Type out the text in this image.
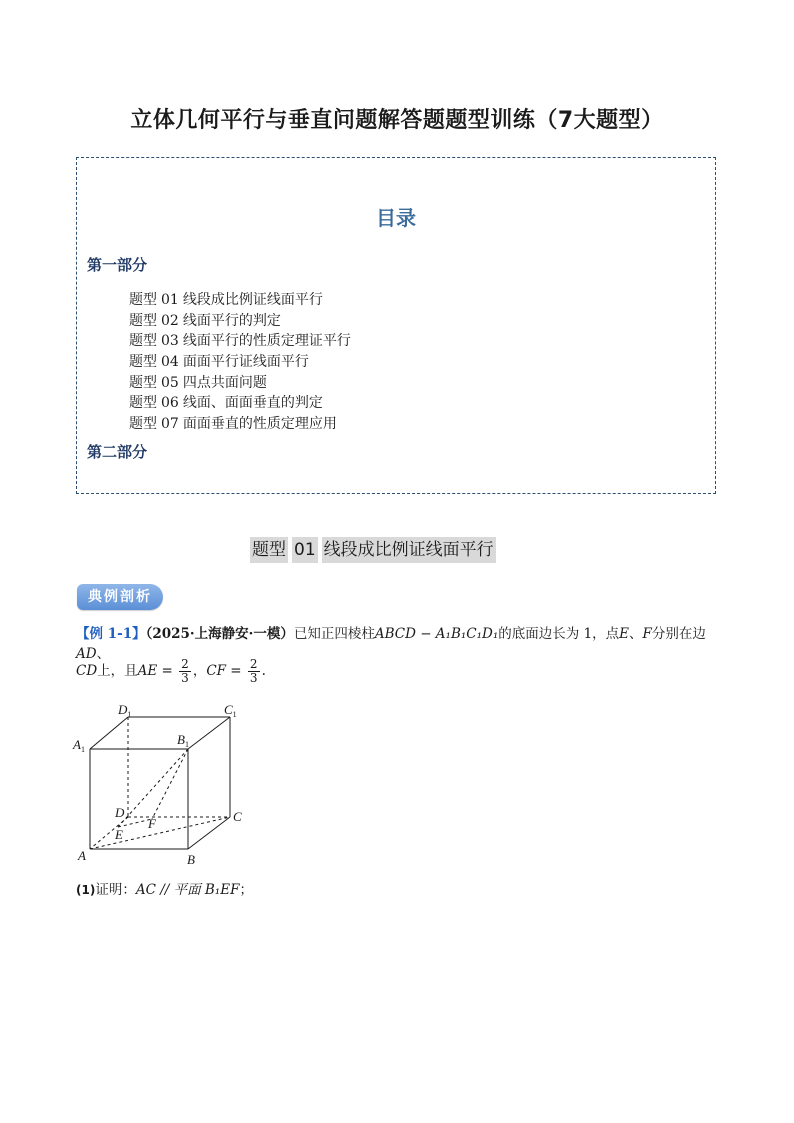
立体几何平行与垂直问题解答题题型训练（7大题型）
目录
第一部分
题型 01 线段成比例证线面平行
题型 02 线面平行的判定
题型 03 线面平行的性质定理证平行
题型 04 面面平行证线面平行
题型 05 四点共面问题
题型 06 线面、面面垂直的判定
题型 07 面面垂直的性质定理应用
第二部分
题型 01 线段成比例证线面平行
典例剖析
【例 1-1】（2025·上海静安·一模）已知正四棱柱ABCD − A₁B₁C₁D₁的底面边长为 1，点E、F分别在边AD、
CD上，且AE = $\frac{2}{3}$ ，CF = $\frac{2}{3}$ .
$D_1$	$C_1$
$A_1$
$B_1$
D	C
E
F
A	B
(1)证明：AC // 平面 B₁EF；
